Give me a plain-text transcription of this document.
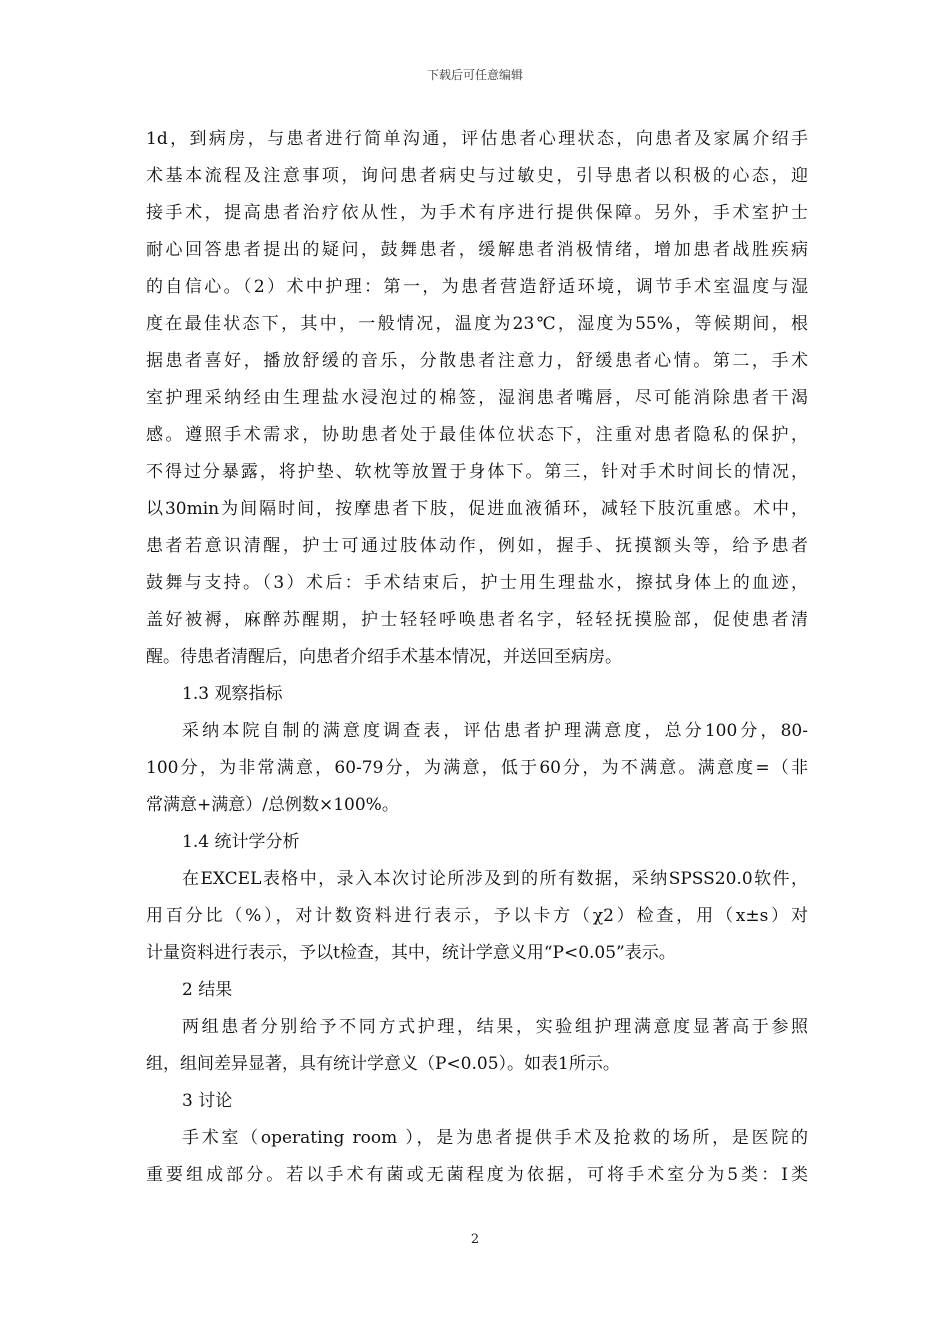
下载后可任意编辑
1d，到病房，与患者进行简单沟通，评估患者心理状态，向患者及家属介绍手
术基本流程及注意事项，询问患者病史与过敏史，引导患者以积极的心态，迎
接手术，提高患者治疗依从性，为手术有序进行提供保障。另外，手术室护士
耐心回答患者提出的疑问，鼓舞患者，缓解患者消极情绪，增加患者战胜疾病
的自信心。（2）术中护理：第一，为患者营造舒适环境，调节手术室温度与湿
度在最佳状态下，其中，一般情况，温度为23℃，湿度为55%，等候期间，根
据患者喜好，播放舒缓的音乐，分散患者注意力，舒缓患者心情。第二，手术
室护理采纳经由生理盐水浸泡过的棉签，湿润患者嘴唇，尽可能消除患者干渴
感。遵照手术需求，协助患者处于最佳体位状态下，注重对患者隐私的保护，
不得过分暴露，将护垫、软枕等放置于身体下。第三，针对手术时间长的情况，
以30min为间隔时间，按摩患者下肢，促进血液循环，减轻下肢沉重感。术中，
患者若意识清醒，护士可通过肢体动作，例如，握手、抚摸额头等，给予患者
鼓舞与支持。（3）术后：手术结束后，护士用生理盐水，擦拭身体上的血迹，
盖好被褥，麻醉苏醒期，护士轻轻呼唤患者名字，轻轻抚摸脸部，促使患者清
醒。待患者清醒后，向患者介绍手术基本情况，并送回至病房。
1.3 观察指标
采纳本院自制的满意度调查表，评估患者护理满意度，总分100分，80-
100分，为非常满意，60-79分，为满意，低于60分，为不满意。满意度=（非
常满意+满意）/总例数×100%。
1.4 统计学分析
在EXCEL表格中，录入本次讨论所涉及到的所有数据，采纳SPSS20.0软件，
用百分比（%），对计数资料进行表示，予以卡方（χ2）检查，用（x±s）对
计量资料进行表示，予以t检查，其中，统计学意义用“P<0.05”表示。
2 结果
两组患者分别给予不同方式护理，结果，实验组护理满意度显著高于参照
组，组间差异显著，具有统计学意义（P<0.05）。如表1所示。
3 讨论
手术室（operating room ），是为患者提供手术及抢救的场所，是医院的
重要组成部分。若以手术有菌或无菌程度为依据，可将手术室分为5类：Ⅰ类
2
